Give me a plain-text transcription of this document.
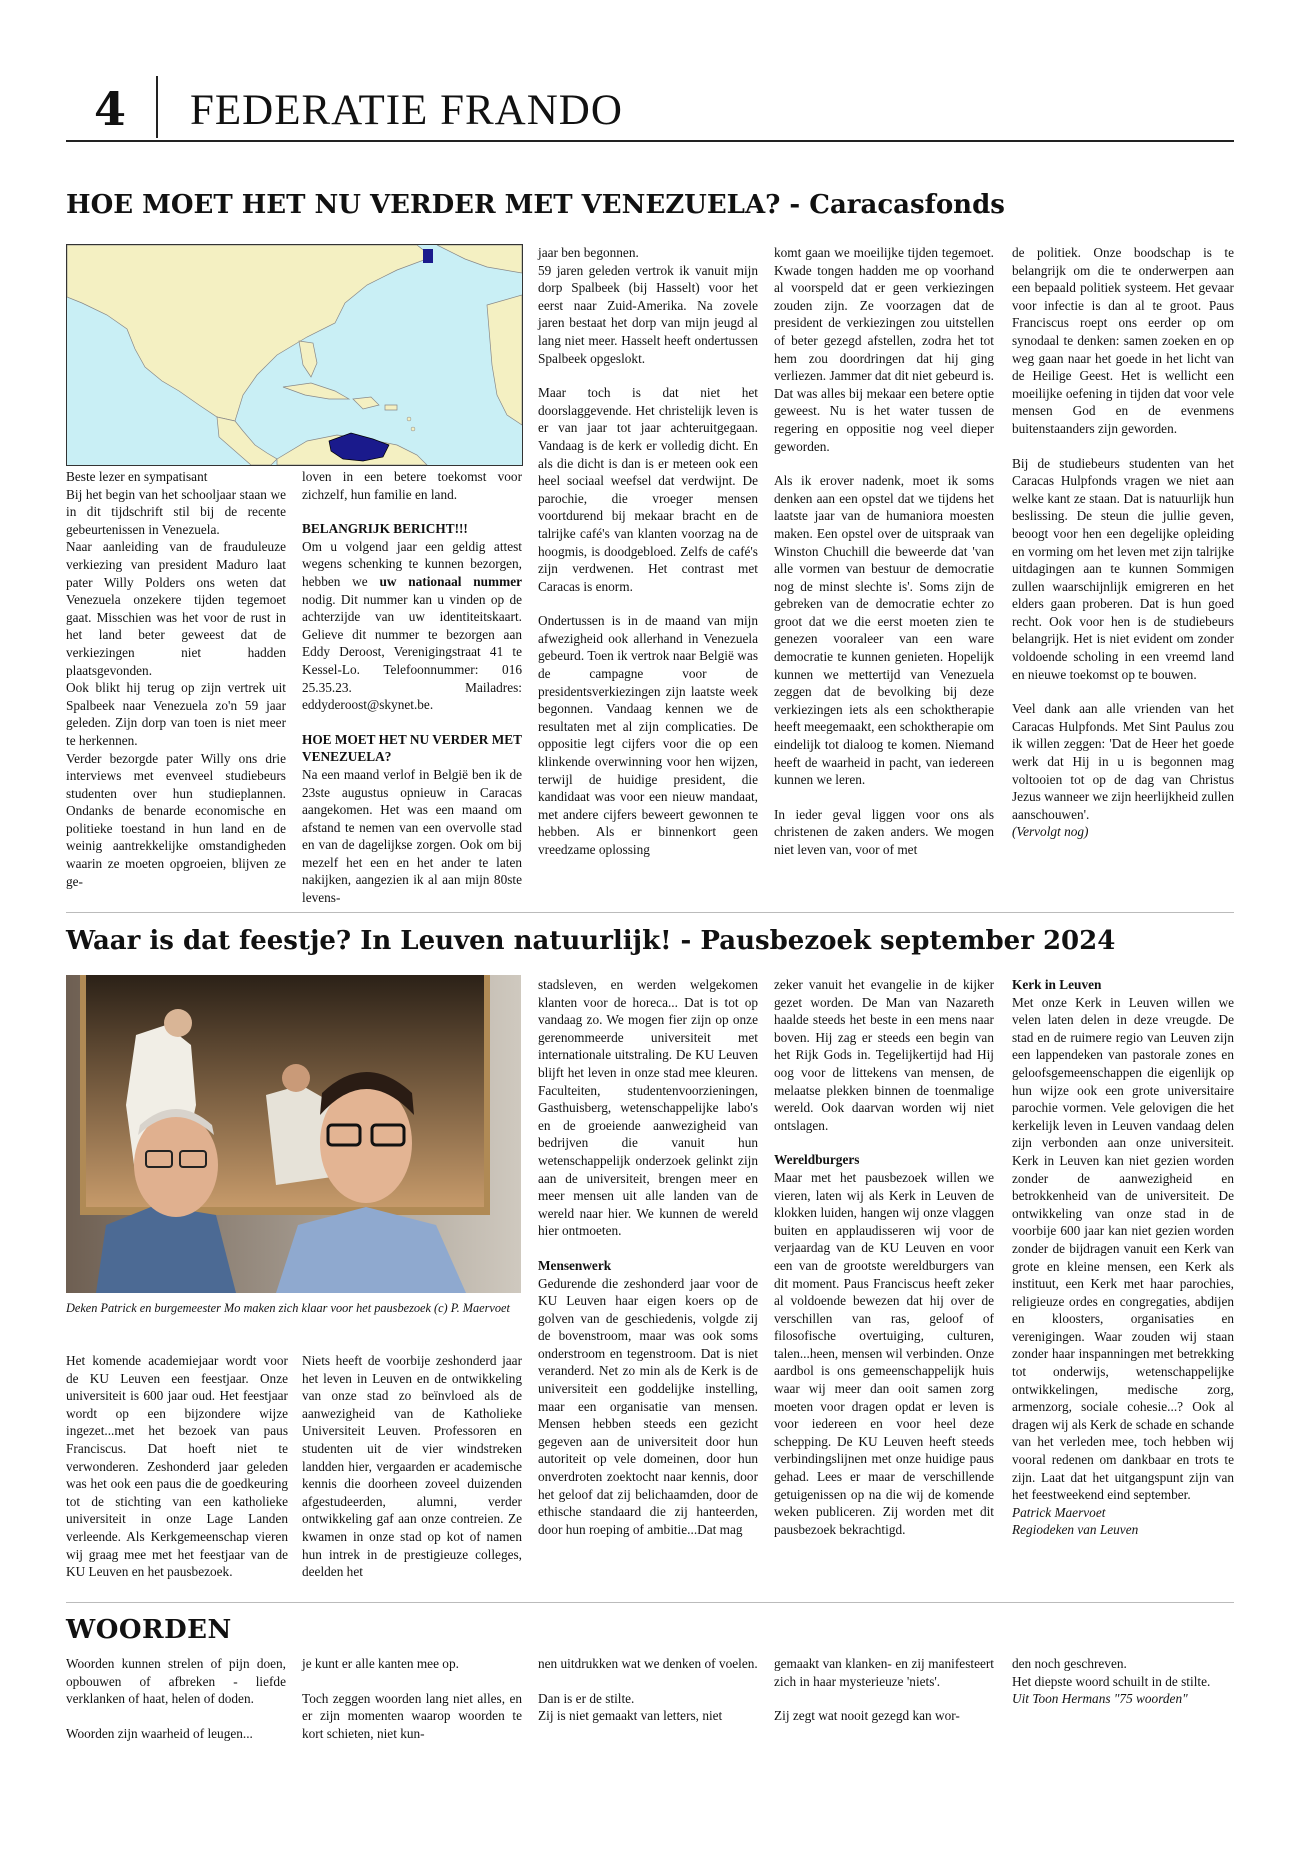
4 FEDERATIE FRANDO
HOE MOET HET NU VERDER MET VENEZUELA? - Caracasfonds
Beste lezer en sympatisant
Bij het begin van het schooljaar staan we in dit tijdschrift stil bij de recente gebeurtenissen in Venezuela.
Naar aanleiding van de frauduleuze verkiezing van president Maduro laat pater Willy Polders ons weten dat Venezuela onzekere tijden tegemoet gaat. Misschien was het voor de rust in het land beter geweest dat de verkiezingen niet hadden plaatsgevonden.
Ook blikt hij terug op zijn vertrek uit Spalbeek naar Venezuela zo'n 59 jaar geleden. Zijn dorp van toen is niet meer te herkennen.
Verder bezorgde pater Willy ons drie interviews met evenveel studiebeurs studenten over hun studieplannen. Ondanks de benarde economische en politieke toestand in hun land en de weinig aantrekkelijke omstandigheden waarin ze moeten opgroeien, blijven ze ge-

loven in een betere toekomst voor zichzelf, hun familie en land.

BELANGRIJK BERICHT!!!

Om u volgend jaar een geldig attest wegens schenking te kunnen bezorgen, hebben we uw nationaal nummer nodig. Dit nummer kan u vinden op de achterzijde van uw identiteitskaart. Gelieve dit nummer te bezorgen aan Eddy Deroost, Verenigingstraat 41 te Kessel-Lo. Telefoonnummer: 016 25.35.23. Mailadres: eddyderoost@skynet.be.

HOE MOET HET NU VERDER MET VENEZUELA?

Na een maand verlof in België ben ik de 23ste augustus opnieuw in Caracas aangekomen. Het was een maand om afstand te nemen van een overvolle stad en van de dagelijkse zorgen. Ook om bij mezelf het een en het ander te laten nakijken, aangezien ik al aan mijn 80ste levens-

jaar ben begonnen.

59 jaren geleden vertrok ik vanuit mijn dorp Spalbeek (bij Hasselt) voor het eerst naar Zuid-Amerika. Na zovele jaren bestaat het dorp van mijn jeugd al lang niet meer. Hasselt heeft ondertussen Spalbeek opgeslokt.

Maar toch is dat niet het doorslaggevende. Het christelijk leven is er van jaar tot jaar achteruitgegaan. Vandaag is de kerk er volledig dicht. En als die dicht is dan is er meteen ook een heel sociaal weefsel dat verdwijnt. De parochie, die vroeger mensen voortdurend bij mekaar bracht en de talrijke café's van klanten voorzag na de hoogmis, is doodgebloed. Zelfs de café's zijn verdwenen. Het contrast met Caracas is enorm.

Ondertussen is in de maand van mijn afwezigheid ook allerhand in Venezuela gebeurd. Toen ik vertrok naar België was de campagne voor de presidentsverkiezingen zijn laatste week begonnen. Vandaag kennen we de resultaten met al zijn complicaties. De oppositie legt cijfers voor die op een klinkende overwinning voor hen wijzen, terwijl de huidige president, die kandidaat was voor een nieuw mandaat, met andere cijfers beweert gewonnen te hebben. Als er binnenkort geen vreedzame oplossing

komt gaan we moeilijke tijden tegemoet. Kwade tongen hadden me op voorhand al voorspeld dat er geen verkiezingen zouden zijn. Ze voorzagen dat de president de verkiezingen zou uitstellen of beter gezegd afstellen, zodra het tot hem zou doordringen dat hij ging verliezen. Jammer dat dit niet gebeurd is. Dat was alles bij mekaar een betere optie geweest. Nu is het water tussen de regering en oppositie nog veel dieper geworden.

Als ik erover nadenk, moet ik soms denken aan een opstel dat we tijdens het laatste jaar van de humaniora moesten maken. Een opstel over de uitspraak van Winston Chuchill die beweerde dat 'van alle vormen van bestuur de democratie nog de minst slechte is'. Soms zijn de gebreken van de democratie echter zo groot dat we die eerst moeten zien te genezen vooraleer van een ware democratie te kunnen genieten. Hopelijk kunnen we mettertijd van Venezuela zeggen dat de bevolking bij deze verkiezingen iets als een schoktherapie heeft meegemaakt, een schoktherapie om eindelijk tot dialoog te komen. Niemand heeft de waarheid in pacht, van iedereen kunnen we leren.

In ieder geval liggen voor ons als christenen de zaken anders. We mogen niet leven van, voor of met

de politiek. Onze boodschap is te belangrijk om die te onderwerpen aan een bepaald politiek systeem. Het gevaar voor infectie is dan al te groot. Paus Franciscus roept ons eerder op om synodaal te denken: samen zoeken en op weg gaan naar het goede in het licht van de Heilige Geest. Het is wellicht een moeilijke oefening in tijden dat voor vele mensen God en de evenmens buitenstaanders zijn geworden.

Bij de studiebeurs studenten van het Caracas Hulpfonds vragen we niet aan welke kant ze staan. Dat is natuurlijk hun beslissing. De steun die jullie geven, beoogt voor hen een degelijke opleiding en vorming om het leven met zijn talrijke uitdagingen aan te kunnen Sommigen zullen waarschijnlijk emigreren en het elders gaan proberen. Dat is hun goed recht. Ook voor hen is de studiebeurs belangrijk. Het is niet evident om zonder voldoende scholing in een vreemd land en nieuwe toekomst op te bouwen.

Veel dank aan alle vrienden van het Caracas Hulpfonds. Met Sint Paulus zou ik willen zeggen: 'Dat de Heer het goede werk dat Hij in u is begonnen mag voltooien tot op de dag van Christus Jezus wanneer we zijn heerlijkheid zullen aanschouwen'.
(Vervolgt nog)
Waar is dat feestje? In Leuven natuurlijk! - Pausbezoek september 2024
Deken Patrick en burgemeester Mo maken zich klaar voor het pausbezoek (c) P. Maervoet
Het komende academiejaar wordt voor de KU Leuven een feestjaar. Onze universiteit is 600 jaar oud. Het feestjaar wordt op een bijzondere wijze ingezet...met het bezoek van paus Franciscus. Dat hoeft niet te verwonderen. Zeshonderd jaar geleden was het ook een paus die de goedkeuring tot de stichting van een katholieke universiteit in onze Lage Landen verleende. Als Kerkgemeenschap vieren wij graag mee met het feestjaar van de KU Leuven en het pausbezoek.
Niets heeft de voorbije zeshonderd jaar het leven in Leuven en de ontwikkeling van onze stad zo beïnvloed als de aanwezigheid van de Katholieke Universiteit Leuven. Professoren en studenten uit de vier windstreken landden hier, vergaarden er academische kennis die doorheen zoveel duizenden afgestudeerden, alumni, verder ontwikkeling gaf aan onze contreien. Ze kwamen in onze stad op kot of namen hun intrek in de prestigieuze colleges, deelden het

stadsleven, en werden welgekomen klanten voor de horeca... Dat is tot op vandaag zo. We mogen fier zijn op onze gerenommeerde universiteit met internationale uitstraling. De KU Leuven blijft het leven in onze stad mee kleuren. Faculteiten, studentenvoorzieningen, Gasthuisberg, wetenschappelijke labo's en de groeiende aanwezigheid van bedrijven die vanuit hun wetenschappelijk onderzoek gelinkt zijn aan de universiteit, brengen meer en meer mensen uit alle landen van de wereld naar hier. We kunnen de wereld hier ontmoeten.

Mensenwerk
Gedurende die zeshonderd jaar voor de KU Leuven haar eigen koers op de golven van de geschiedenis, volgde zij de bovenstroom, maar was ook soms onderstroom en tegenstroom. Dat is niet veranderd. Net zo min als de Kerk is de universiteit een goddelijke instelling, maar een organisatie van mensen. Mensen hebben steeds een gezicht gegeven aan de universiteit door hun autoriteit op vele domeinen, door hun onverdroten zoektocht naar kennis, door het geloof dat zij belichaamden, door de ethische standaard die zij hanteerden, door hun roeping of ambitie...Dat mag

zeker vanuit het evangelie in de kijker gezet worden. De Man van Nazareth haalde steeds het beste in een mens naar boven. Hij zag er steeds een begin van het Rijk Gods in. Tegelijkertijd had Hij oog voor de littekens van mensen, de melaatse plekken binnen de toenmalige wereld. Ook daarvan worden wij niet ontslagen.

Wereldburgers
Maar met het pausbezoek willen we vieren, laten wij als Kerk in Leuven de klokken luiden, hangen wij onze vlaggen buiten en applaudisseren wij voor de verjaardag van de KU Leuven en voor een van de grootste wereldburgers van dit moment. Paus Franciscus heeft zeker al voldoende bewezen dat hij over de verschillen van ras, geloof of filosofische overtuiging, culturen, talen...heen, mensen wil verbinden. Onze aardbol is ons gemeenschappelijk huis waar wij meer dan ooit samen zorg moeten voor dragen opdat er leven is voor iedereen en voor heel deze schepping. De KU Leuven heeft steeds verbindingslijnen met onze huidige paus gehad. Lees er maar de verschillende getuigenissen op na die wij de komende weken publiceren. Zij worden met dit pausbezoek bekrachtigd.
Kerk in Leuven
Met onze Kerk in Leuven willen we velen laten delen in deze vreugde. De stad en de ruimere regio van Leuven zijn een lappendeken van pastorale zones en geloofsgemeenschappen die eigenlijk op hun wijze ook een grote universitaire parochie vormen. Vele gelovigen die het kerkelijk leven in Leuven vandaag delen zijn verbonden aan onze universiteit. Kerk in Leuven kan niet gezien worden zonder de aanwezigheid en betrokkenheid van de universiteit. De ontwikkeling van onze stad in de voorbije 600 jaar kan niet gezien worden zonder de bijdragen vanuit een Kerk van grote en kleine mensen, een Kerk als instituut, een Kerk met haar parochies, religieuze ordes en congregaties, abdijen en kloosters, organisaties en verenigingen. Waar zouden wij staan zonder haar inspanningen met betrekking tot onderwijs, wetenschappelijke ontwikkelingen, medische zorg, armenzorg, sociale cohesie...? Ook al dragen wij als Kerk de schade en schande van het verleden mee, toch hebben wij vooral redenen om dankbaar en trots te zijn. Laat dat het uitgangspunt zijn van het feestweekend eind september.
Patrick Maervoet
Regiodeken van Leuven
WOORDEN

Woorden kunnen strelen of pijn doen, opbouwen of afbreken - liefde verklanken of haat, helen of doden.

Woorden zijn waarheid of leugen...

je kunt er alle kanten mee op.

Toch zeggen woorden lang niet alles, en er zijn momenten waarop woorden te kort schieten, niet kun-

nen uitdrukken wat we denken of voelen.

Dan is er de stilte.
Zij is niet gemaakt van letters, niet

gemaakt van klanken- en zij manifesteert zich in haar mysterieuze 'niets'.

Zij zegt wat nooit gezegd kan wor-
den noch geschreven.
Het diepste woord schuilt in de stilte.
Uit Toon Hermans "75 woorden"
